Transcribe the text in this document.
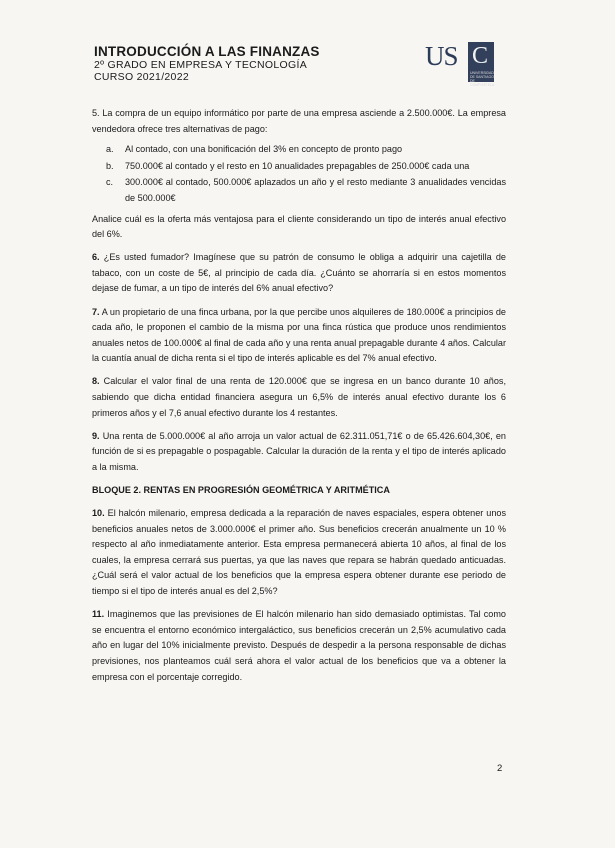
INTRODUCCIÓN A LAS FINANZAS
2º GRADO EN EMPRESA Y TECNOLOGÍA
CURSO 2021/2022
US C
UNIVERSIDAD DE SANTIAGO DE COMPOSTELA

5. La compra de un equipo informático por parte de una empresa asciende a 2.500.000€. La empresa vendedora ofrece tres alternativas de pago:

a. Al contado, con una bonificación del 3% en concepto de pronto pago
b. 750.000€ al contado y el resto en 10 anualidades prepagables de 250.000€ cada una
c. 300.000€ al contado, 500.000€ aplazados un año y el resto mediante 3 anualidades vencidas de 500.000€

Analice cuál es la oferta más ventajosa para el cliente considerando un tipo de interés anual efectivo del 6%.

6. ¿Es usted fumador? Imagínese que su patrón de consumo le obliga a adquirir una cajetilla de tabaco, con un coste de 5€, al principio de cada día. ¿Cuánto se ahorraría si en estos momentos dejase de fumar, a un tipo de interés del 6% anual efectivo?

7. A un propietario de una finca urbana, por la que percibe unos alquileres de 180.000€ a principios de cada año, le proponen el cambio de la misma por una finca rústica que produce unos rendimientos anuales netos de 100.000€ al final de cada año y una renta anual prepagable durante 4 años. Calcular la cuantía anual de dicha renta si el tipo de interés aplicable es del 7% anual efectivo.

8. Calcular el valor final de una renta de 120.000€ que se ingresa en un banco durante 10 años, sabiendo que dicha entidad financiera asegura un 6,5% de interés anual efectivo durante los 6 primeros años y el 7,6 anual efectivo durante los 4 restantes.

9. Una renta de 5.000.000€ al año arroja un valor actual de 62.311.051,71€ o de 65.426.604,30€, en función de si es prepagable o pospagable. Calcular la duración de la renta y el tipo de interés aplicado a la misma.

BLOQUE 2. RENTAS EN PROGRESIÓN GEOMÉTRICA Y ARITMÉTICA

10. El halcón milenario, empresa dedicada a la reparación de naves espaciales, espera obtener unos beneficios anuales netos de 3.000.000€ el primer año. Sus beneficios crecerán anualmente un 10 % respecto al año inmediatamente anterior. Esta empresa permanecerá abierta 10 años, al final de los cuales, la empresa cerrará sus puertas, ya que las naves que repara se habrán quedado anticuadas. ¿Cuál será el valor actual de los beneficios que la empresa espera obtener durante ese periodo de tiempo si el tipo de interés anual es del 2,5%?

11. Imaginemos que las previsiones de El halcón milenario han sido demasiado optimistas. Tal como se encuentra el entorno económico intergaláctico, sus beneficios crecerán un 2,5% acumulativo cada año en lugar del 10% inicialmente previsto. Después de despedir a la persona responsable de dichas previsiones, nos planteamos cuál será ahora el valor actual de los beneficios que va a obtener la empresa con el porcentaje corregido.

2
